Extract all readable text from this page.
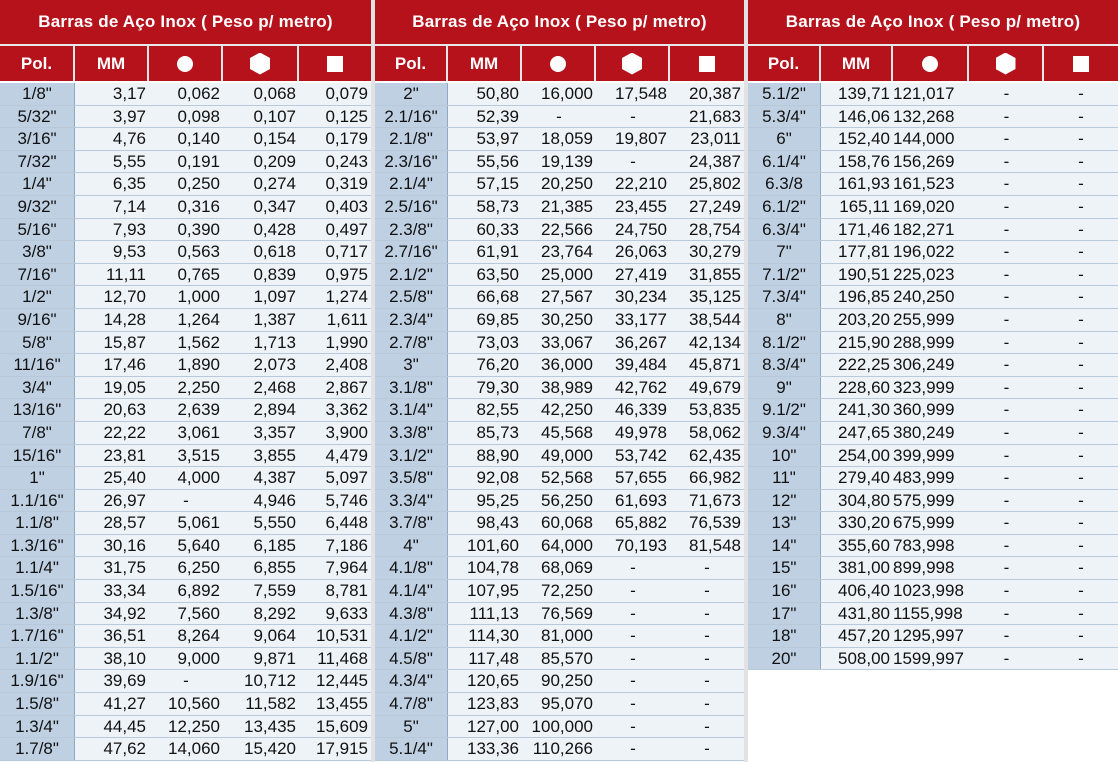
Barras de Aço Inox ( Peso p/ metro)
Pol.	MM
1/8"	3,17	0,062	0,068	0,079
5/32"	3,97	0,098	0,107	0,125
3/16"	4,76	0,140	0,154	0,179
7/32"	5,55	0,191	0,209	0,243
1/4"	6,35	0,250	0,274	0,319
9/32"	7,14	0,316	0,347	0,403
5/16"	7,93	0,390	0,428	0,497
3/8"	9,53	0,563	0,618	0,717
7/16"	11,11	0,765	0,839	0,975
1/2"	12,70	1,000	1,097	1,274
9/16"	14,28	1,264	1,387	1,611
5/8"	15,87	1,562	1,713	1,990
11/16"	17,46	1,890	2,073	2,408
3/4"	19,05	2,250	2,468	2,867
13/16"	20,63	2,639	2,894	3,362
7/8"	22,22	3,061	3,357	3,900
15/16"	23,81	3,515	3,855	4,479
1"	25,40	4,000	4,387	5,097
1.1/16"	26,97	-	4,946	5,746
1.1/8"	28,57	5,061	5,550	6,448
1.3/16"	30,16	5,640	6,185	7,186
1.1/4"	31,75	6,250	6,855	7,964
1.5/16"	33,34	6,892	7,559	8,781
1.3/8"	34,92	7,560	8,292	9,633
1.7/16"	36,51	8,264	9,064	10,531
1.1/2"	38,10	9,000	9,871	11,468
1.9/16"	39,69	-	10,712	12,445
1.5/8"	41,27	10,560	11,582	13,455
1.3/4"	44,45	12,250	13,435	15,609
1.7/8"	47,62	14,060	15,420	17,915
Barras de Aço Inox ( Peso p/ metro)
Pol.	MM
2"	50,80	16,000	17,548	20,387
2.1/16"	52,39	-	-	21,683
2.1/8"	53,97	18,059	19,807	23,011
2.3/16"	55,56	19,139	-	24,387
2.1/4"	57,15	20,250	22,210	25,802
2.5/16"	58,73	21,385	23,455	27,249
2.3/8"	60,33	22,566	24,750	28,754
2.7/16"	61,91	23,764	26,063	30,279
2.1/2"	63,50	25,000	27,419	31,855
2.5/8"	66,68	27,567	30,234	35,125
2.3/4"	69,85	30,250	33,177	38,544
2.7/8"	73,03	33,067	36,267	42,134
3"	76,20	36,000	39,484	45,871
3.1/8"	79,30	38,989	42,762	49,679
3.1/4"	82,55	42,250	46,339	53,835
3.3/8"	85,73	45,568	49,978	58,062
3.1/2"	88,90	49,000	53,742	62,435
3.5/8"	92,08	52,568	57,655	66,982
3.3/4"	95,25	56,250	61,693	71,673
3.7/8"	98,43	60,068	65,882	76,539
4"	101,60	64,000	70,193	81,548
4.1/8"	104,78	68,069	-	-
4.1/4"	107,95	72,250	-	-
4.3/8"	111,13	76,569	-	-
4.1/2"	114,30	81,000	-	-
4.5/8"	117,48	85,570	-	-
4.3/4"	120,65	90,250	-	-
4.7/8"	123,83	95,070	-	-
5"	127,00 100,000	-	-
5.1/4"	133,36 110,266	-	-
Barras de Aço Inox ( Peso p/ metro)
Pol.	MM
5.1/2"	139,71 121,017	-	-
5.3/4"	146,06 132,268	-	-
6"	152,40 144,000	-	-
6.1/4"	158,76 156,269	-	-
6.3/8	161,93 161,523	-	-
6.1/2"	165,11 169,020	-	-
6.3/4"	171,46 182,271	-	-
7"	177,81 196,022	-	-
7.1/2"	190,51 225,023	-	-
7.3/4"	196,85 240,250	-	-
8"	203,20 255,999	-	-
8.1/2"	215,90 288,999	-	-
8.3/4"	222,25 306,249	-	-
9"	228,60 323,999	-	-
9.1/2"	241,30 360,999	-	-
9.3/4"	247,65 380,249	-	-
10"	254,00 399,999	-	-
11"	279,40 483,999	-	-
12"	304,80 575,999	-	-
13"	330,20 675,999	-	-
14"	355,60 783,998	-	-
15"	381,00 899,998	-	-
16"	406,40 1023,998	-	-
17"	431,80 1155,998	-	-
18"	457,20 1295,997	-	-
20"	508,00 1599,997	-	-
